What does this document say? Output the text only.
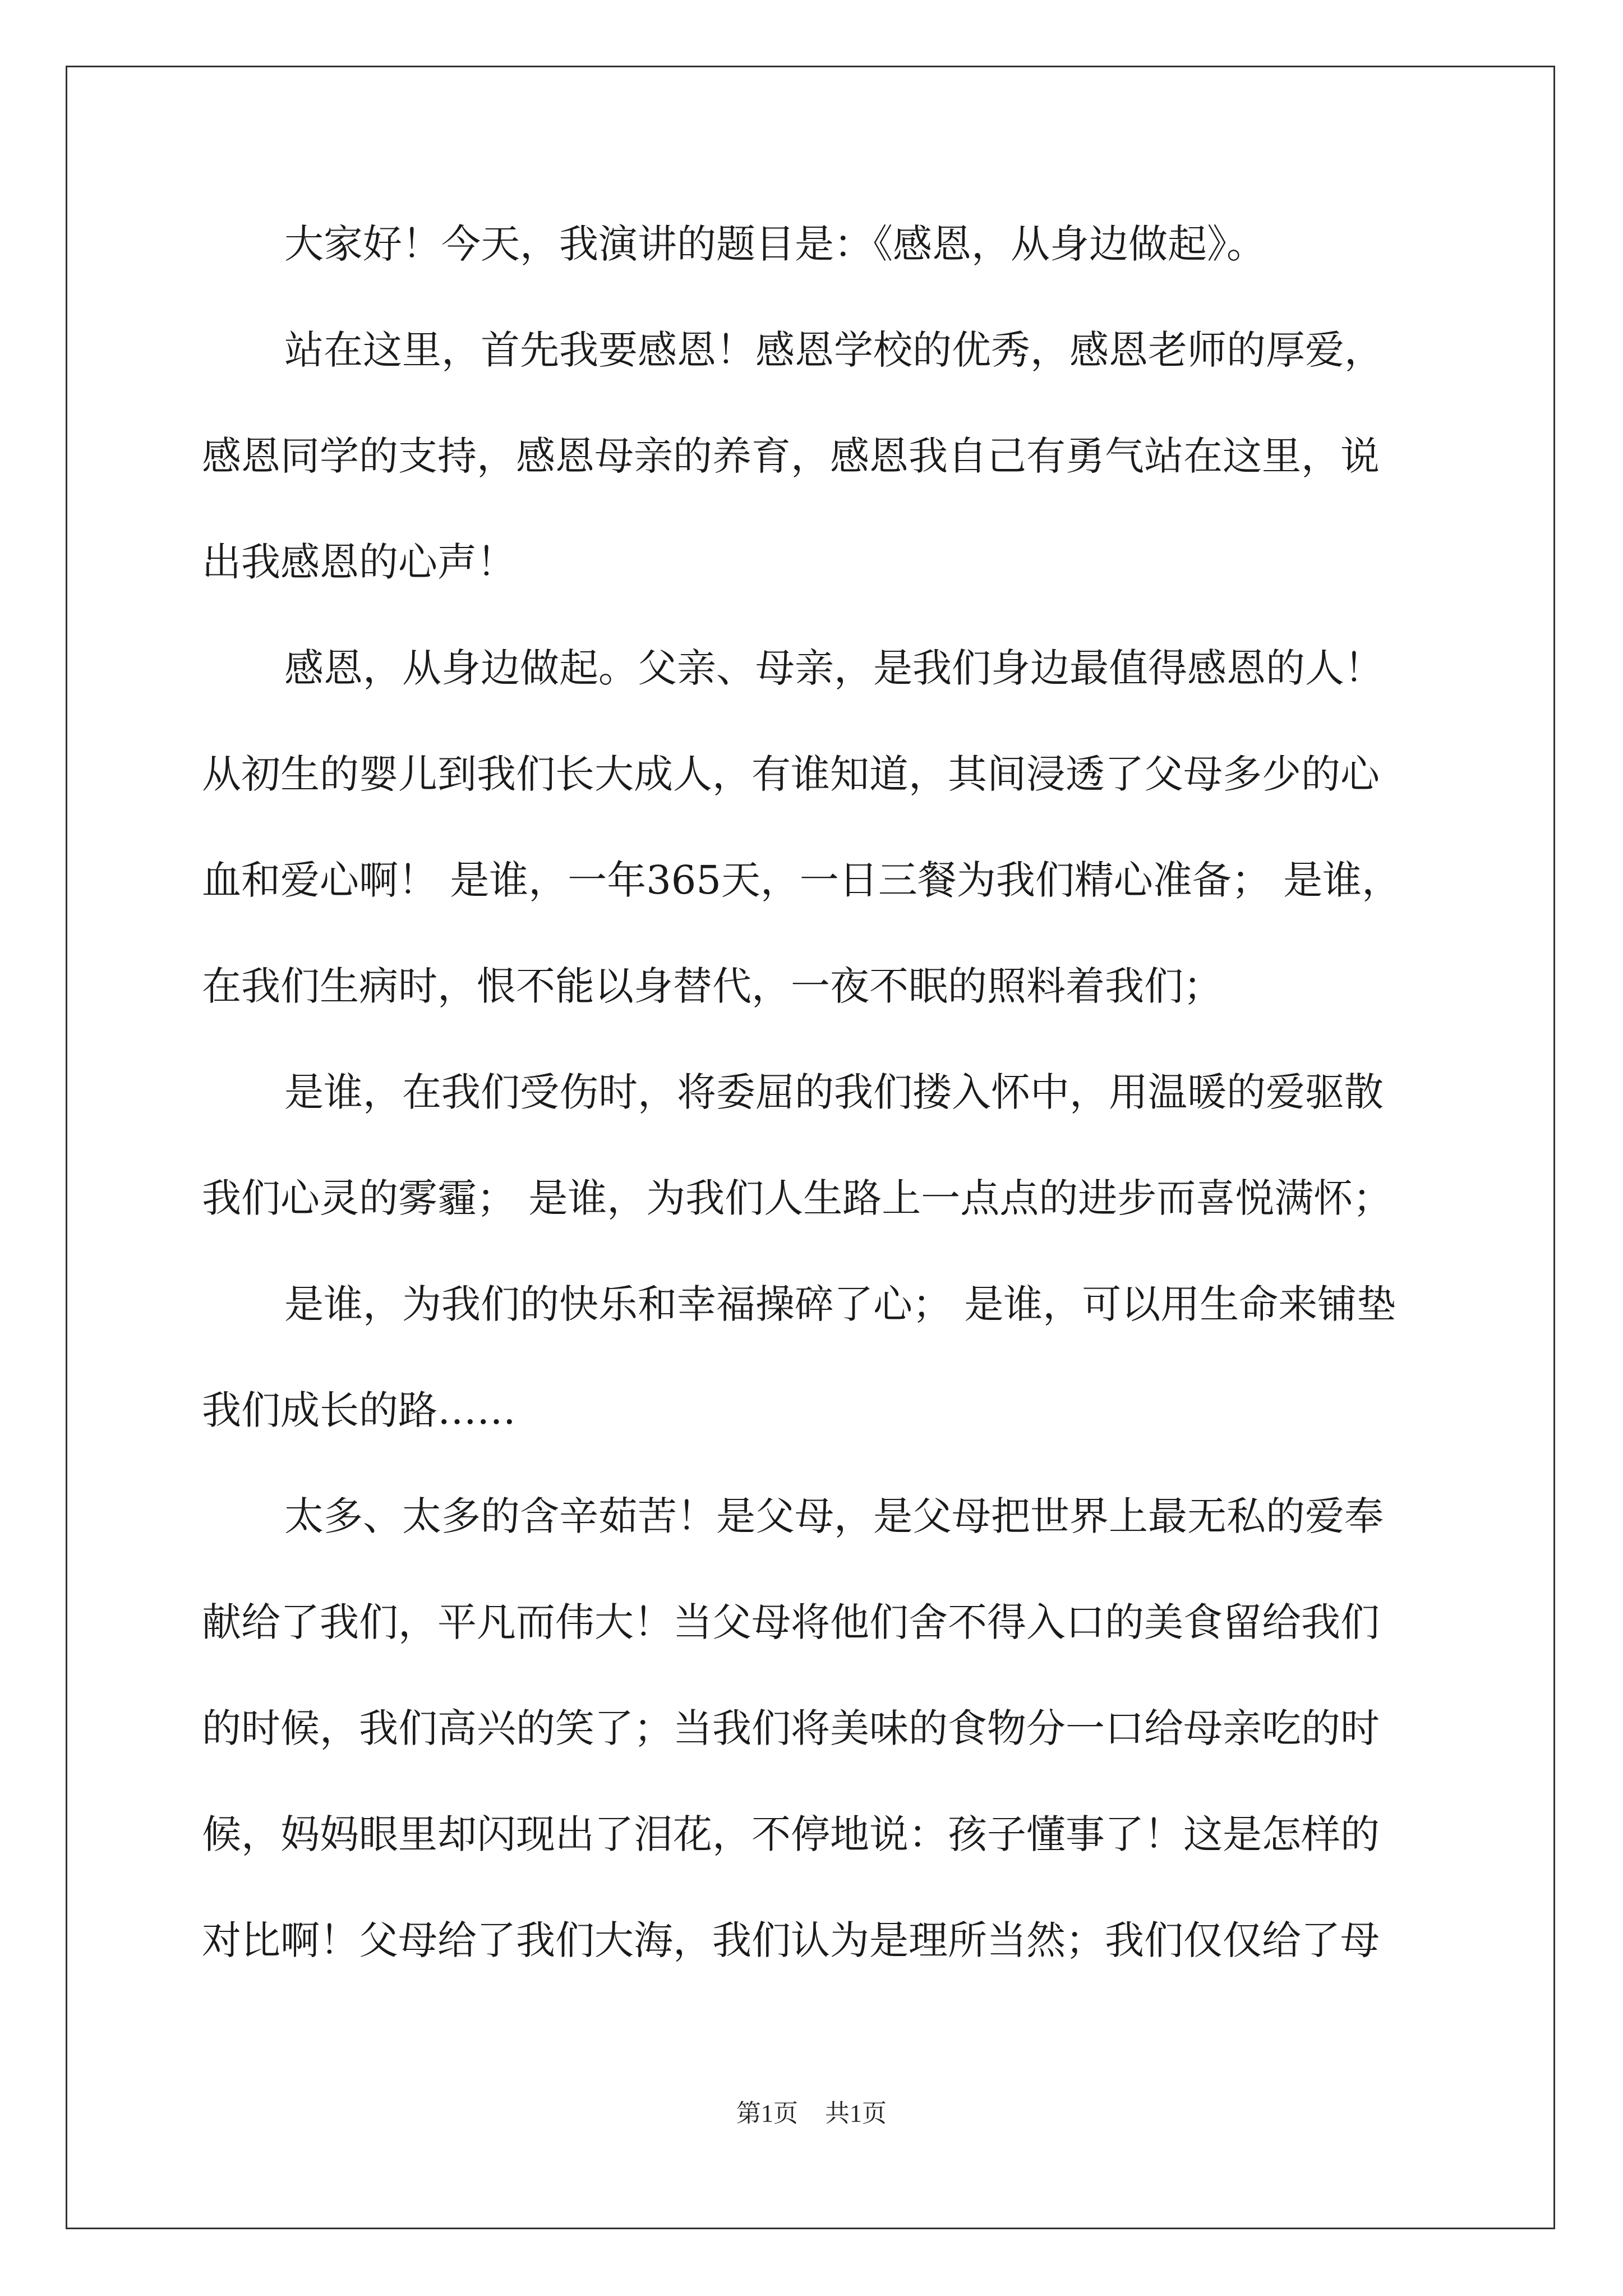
大家好！今天，我演讲的题目是：《感恩，从身边做起》。
站在这里，首先我要感恩！感恩学校的优秀，感恩老师的厚爱，
感恩同学的支持，感恩母亲的养育，感恩我自己有勇气站在这里，说
出我感恩的心声！
感恩，从身边做起。父亲、母亲，是我们身边最值得感恩的人！
从初生的婴儿到我们长大成人，有谁知道，其间浸透了父母多少的心
血和爱心啊！ 是谁，一年365天，一日三餐为我们精心准备； 是谁，
在我们生病时，恨不能以身替代，一夜不眠的照料着我们；
是谁，在我们受伤时，将委屈的我们搂入怀中，用温暖的爱驱散
我们心灵的雾霾； 是谁，为我们人生路上一点点的进步而喜悦满怀；
是谁，为我们的快乐和幸福操碎了心； 是谁，可以用生命来铺垫
我们成长的路……
太多、太多的含辛茹苦！是父母，是父母把世界上最无私的爱奉
献给了我们，平凡而伟大！当父母将他们舍不得入口的美食留给我们
的时候，我们高兴的笑了；当我们将美味的食物分一口给母亲吃的时
候，妈妈眼里却闪现出了泪花，不停地说：孩子懂事了！这是怎样的
对比啊！父母给了我们大海，我们认为是理所当然；我们仅仅给了母
第1页 共1页
